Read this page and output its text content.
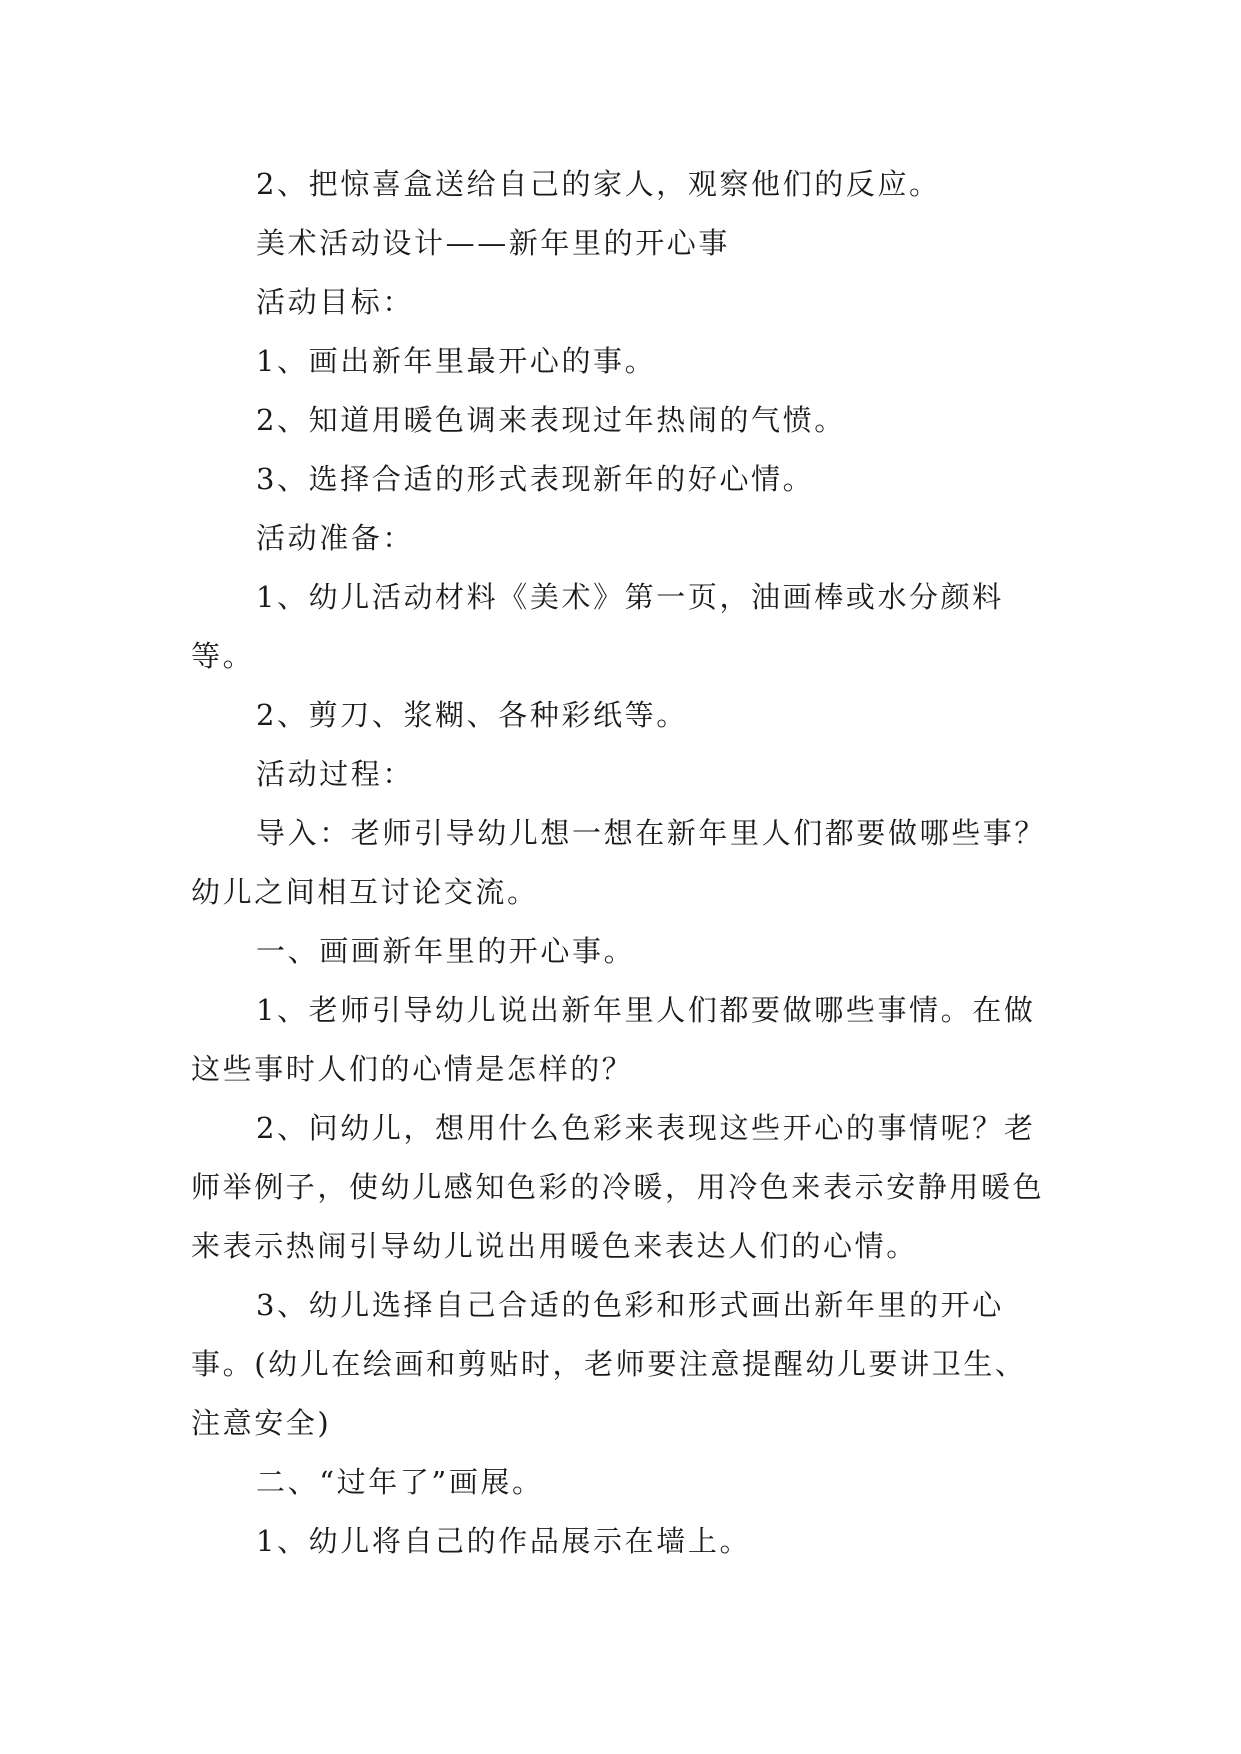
2、把惊喜盒送给自己的家人，观察他们的反应。

美术活动设计——新年里的开心事

活动目标：

1、画出新年里最开心的事。

2、知道用暖色调来表现过年热闹的气愤。

3、选择合适的形式表现新年的好心情。

活动准备：

1、幼儿活动材料《美术》第一页，油画棒或水分颜料等。

2、剪刀、浆糊、各种彩纸等。

活动过程：

导入：老师引导幼儿想一想在新年里人们都要做哪些事？幼儿之间相互讨论交流。

一、画画新年里的开心事。

1、老师引导幼儿说出新年里人们都要做哪些事情。在做这些事时人们的心情是怎样的？

2、问幼儿，想用什么色彩来表现这些开心的事情呢？老师举例子，使幼儿感知色彩的冷暖，用冷色来表示安静用暖色来表示热闹引导幼儿说出用暖色来表达人们的心情。

3、幼儿选择自己合适的色彩和形式画出新年里的开心事。(幼儿在绘画和剪贴时，老师要注意提醒幼儿要讲卫生、注意安全)

二、“过年了”画展。

1、幼儿将自己的作品展示在墙上。
